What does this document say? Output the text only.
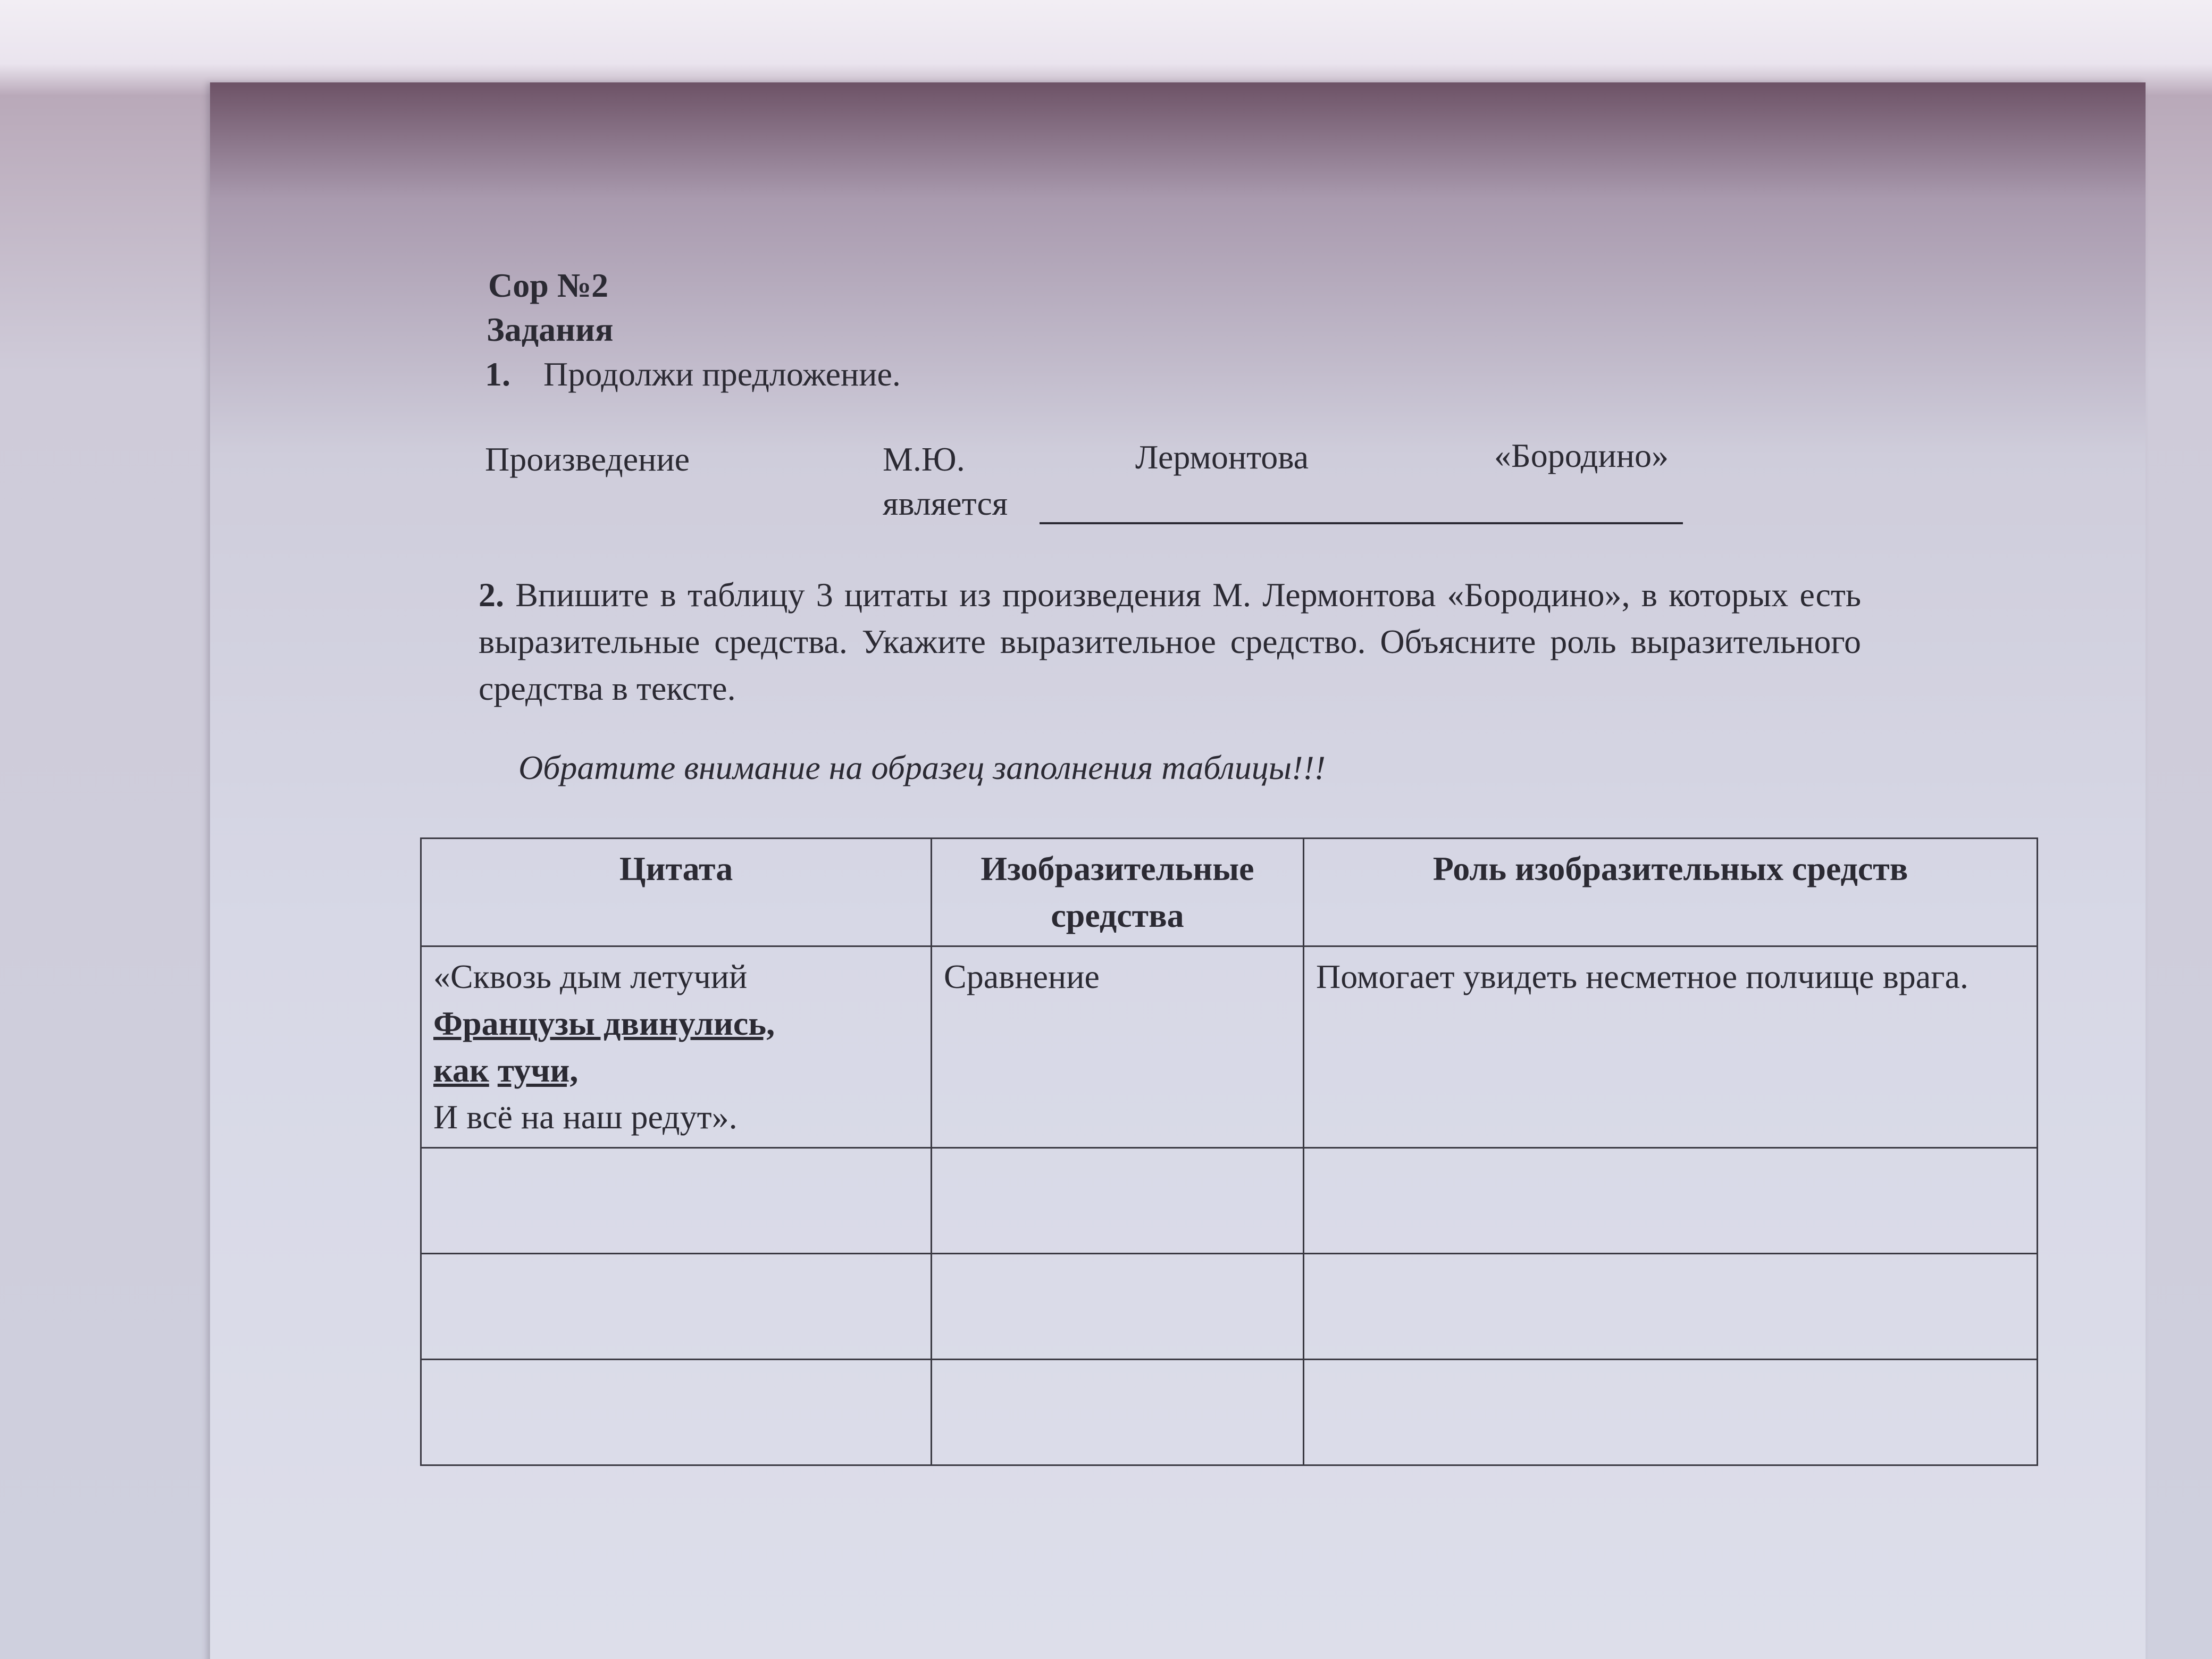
Сор №2
Задания
1. Продолжи предложение.
Произведение	М.Ю.	Лермонтова	«Бородино»
является
2. Впишите в таблицу 3 цитаты из произведения М. Лермонтова «Бородино», в которых есть выразительные средства. Укажите выразительное средство. Объясните роль выразительного средства в тексте.
Обратите внимание на образец заполнения таблицы!!!
Цитата	Изобразительные средства	Роль изобразительных средств

«Сквозь дым летучий
Французы двинулись,
как тучи,
И всё на наш редут».	Сравнение	Помогает увидеть несметное полчище врага.
